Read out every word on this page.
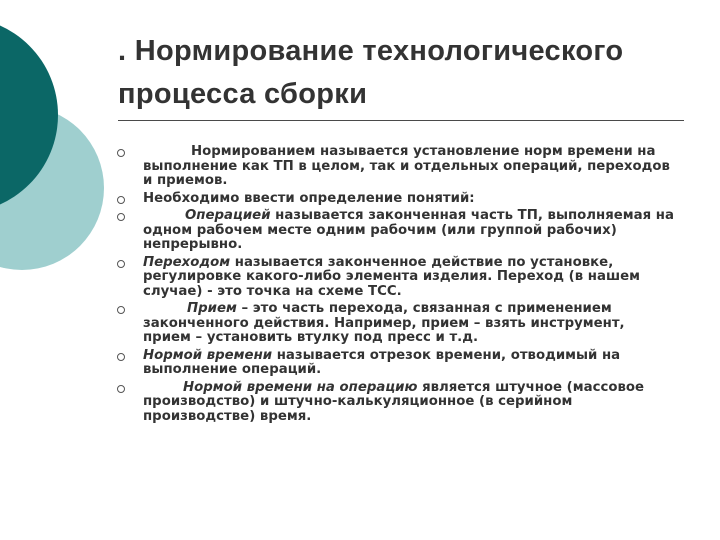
. Нормирование технологического процесса сборки
Нормированием называется установление норм времени на выполнение как ТП в целом, так и отдельных операций, переходов и приемов.
Необходимо ввести определение понятий:
Операцией называется законченная часть ТП, выполняемая на одном рабочем месте одним рабочим (или группой рабочих) непрерывно.
Переходом называется законченное действие по установке, регулировке какого-либо элемента изделия. Переход (в нашем случае) - это точка на схеме ТСС.
Прием – это часть перехода, связанная с применением законченного действия. Например, прием – взять инструмент, прием – установить втулку под пресс и т.д.
Нормой времени называется отрезок времени, отводимый на выполнение операций.
Нормой времени на операцию является штучное (массовое производство) и штучно-калькуляционное (в серийном производстве) время.
